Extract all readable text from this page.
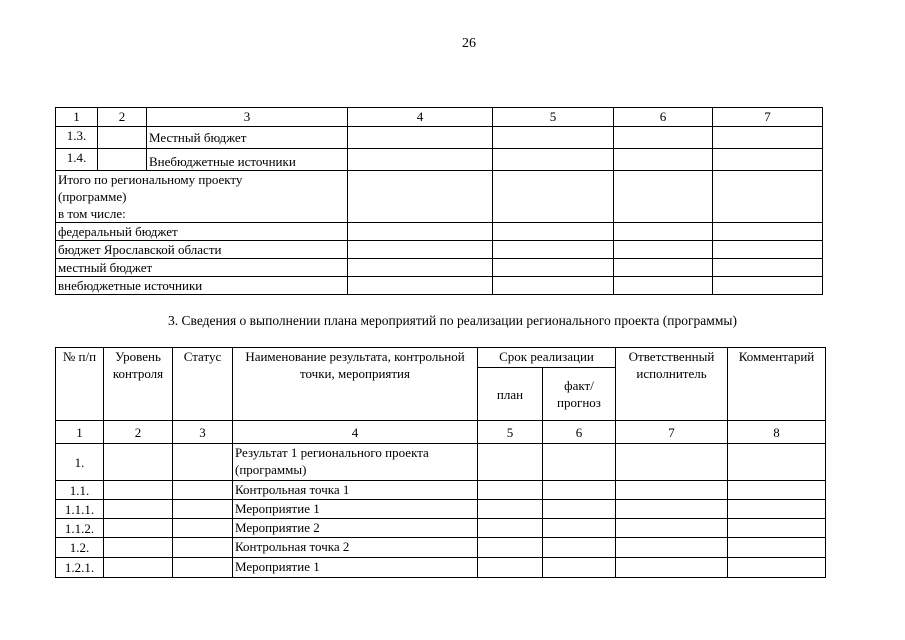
26
1	2	3	4	5	6	7
1.3.		Местный бюджет				
1.4.		Внебюджетные источники				

Итого по региональному проекту
(программе)
в том числе:						

федеральный бюджет						
бюджет Ярославской области						
местный бюджет						
внебюджетные источники						
3. Сведения о выполнении плана мероприятий по реализации регионального проекта (программы)
№ п/п	Уровень контроля	Статус	Наименование результата, контрольной точки, мероприятия	Срок реализации		Ответственный исполнитель	Комментарий
				план	факт/ прогноз		
1	2	3	4	5	6	7	8
1.			Результат 1 регионального проекта (программы)				
1.1.			Контрольная точка 1				
1.1.1.			Мероприятие 1				
1.1.2.			Мероприятие 2				
1.2.			Контрольная точка 2				
1.2.1.			Мероприятие 1				
